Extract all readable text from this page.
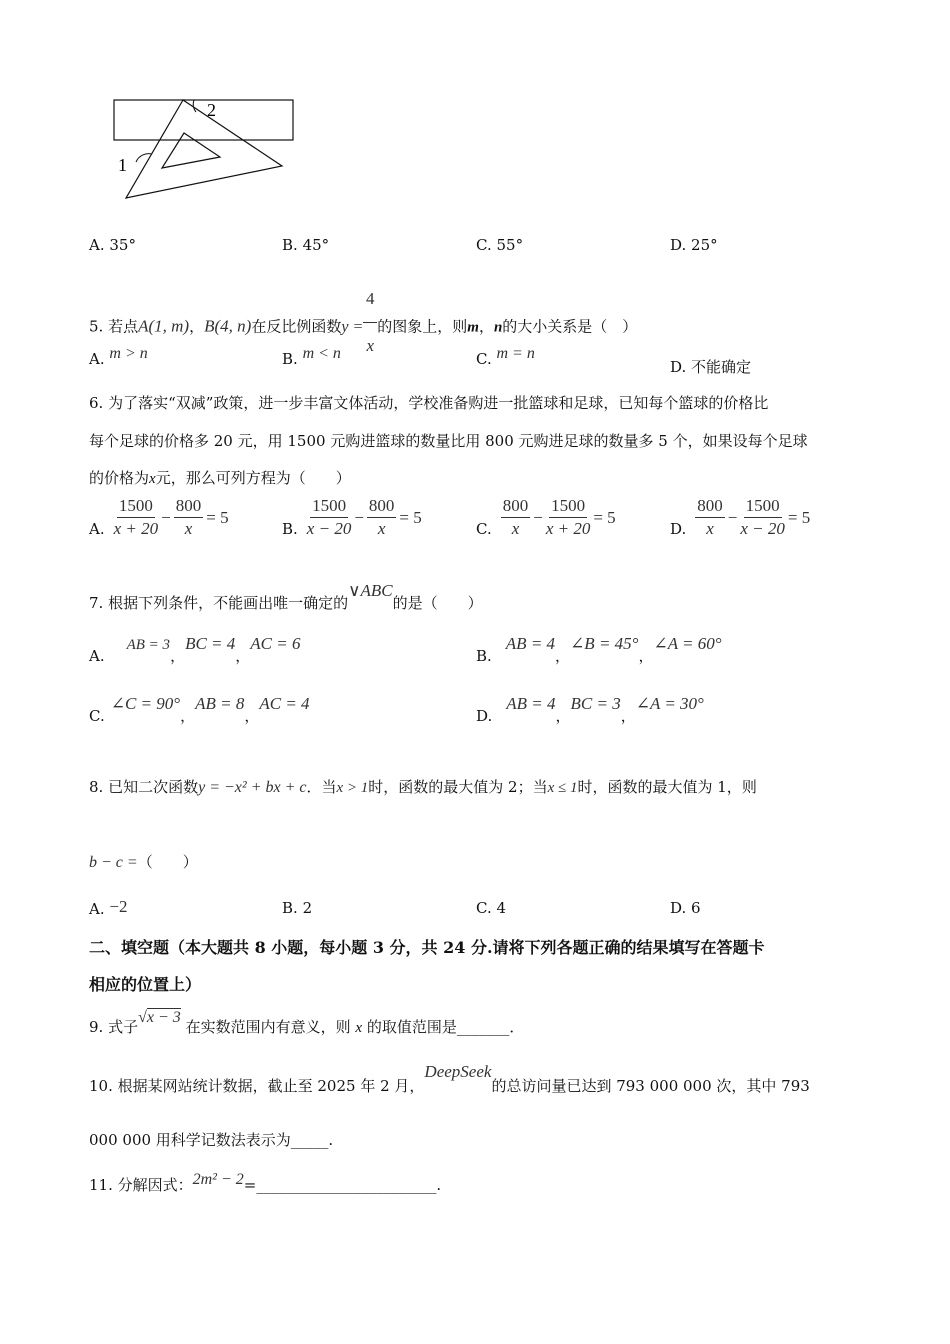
1
2
A. 35°	B. 45°	C. 55°	D. 25°
5. 若点A(1, m)，B(4, n)在反比例函数$y = \frac{4}{x}$ 的图象上，则m，n的大小关系是（　）
A. m > n	B. m < n	C. m = n
D. 不能确定
6. 为了落实“双减”政策，进一步丰富文体活动，学校准备购进一批篮球和足球，已知每个篮球的价格比
每个足球的价格多 20 元，用 1500 元购进篮球的数量比用 800 元购进足球的数量多 5 个，如果设每个足球
的价格为x元，那么可列方程为（　　）
A. $\frac{1500}{x + 20} - \frac{800}{x} = 5$
B. $\frac{1500}{x - 20} - \frac{800}{x} = 5$
C. $\frac{800}{x} - \frac{1500}{x + 20} = 5$
D. $\frac{800}{x} - \frac{1500}{x - 20} = 5$
7. 根据下列条件，不能画出唯一确定的∨ABC的是（　　）
A.AB = 3，BC = 4，AC = 6
B.AB = 4，∠B = 45°，∠A = 60°
C.∠C = 90°，AB = 8，AC = 4
D.AB = 4，BC = 3，∠A = 30°
8. 已知二次函数y = −x² + bx + c．当x > 1时，函数的最大值为 2；当x ≤ 1时，函数的最大值为 1，则
b − c =（　　）
A. −2	B. 2	C. 4	D. 6
二、填空题（本大题共 8 小题，每小题 3 分，共 24 分.请将下列各题正确的结果填写在答题卡
相应的位置上）
9. 式子√x − 3 在实数范围内有意义，则 x 的取值范围是_______．
10. 根据某网站统计数据，截止至 2025 年 2 月，DeepSeek的总访问量已达到 793 000 000 次，其中 793
000 000 用科学记数法表示为_____.
11. 分解因式：2m² − 2=________________________.
